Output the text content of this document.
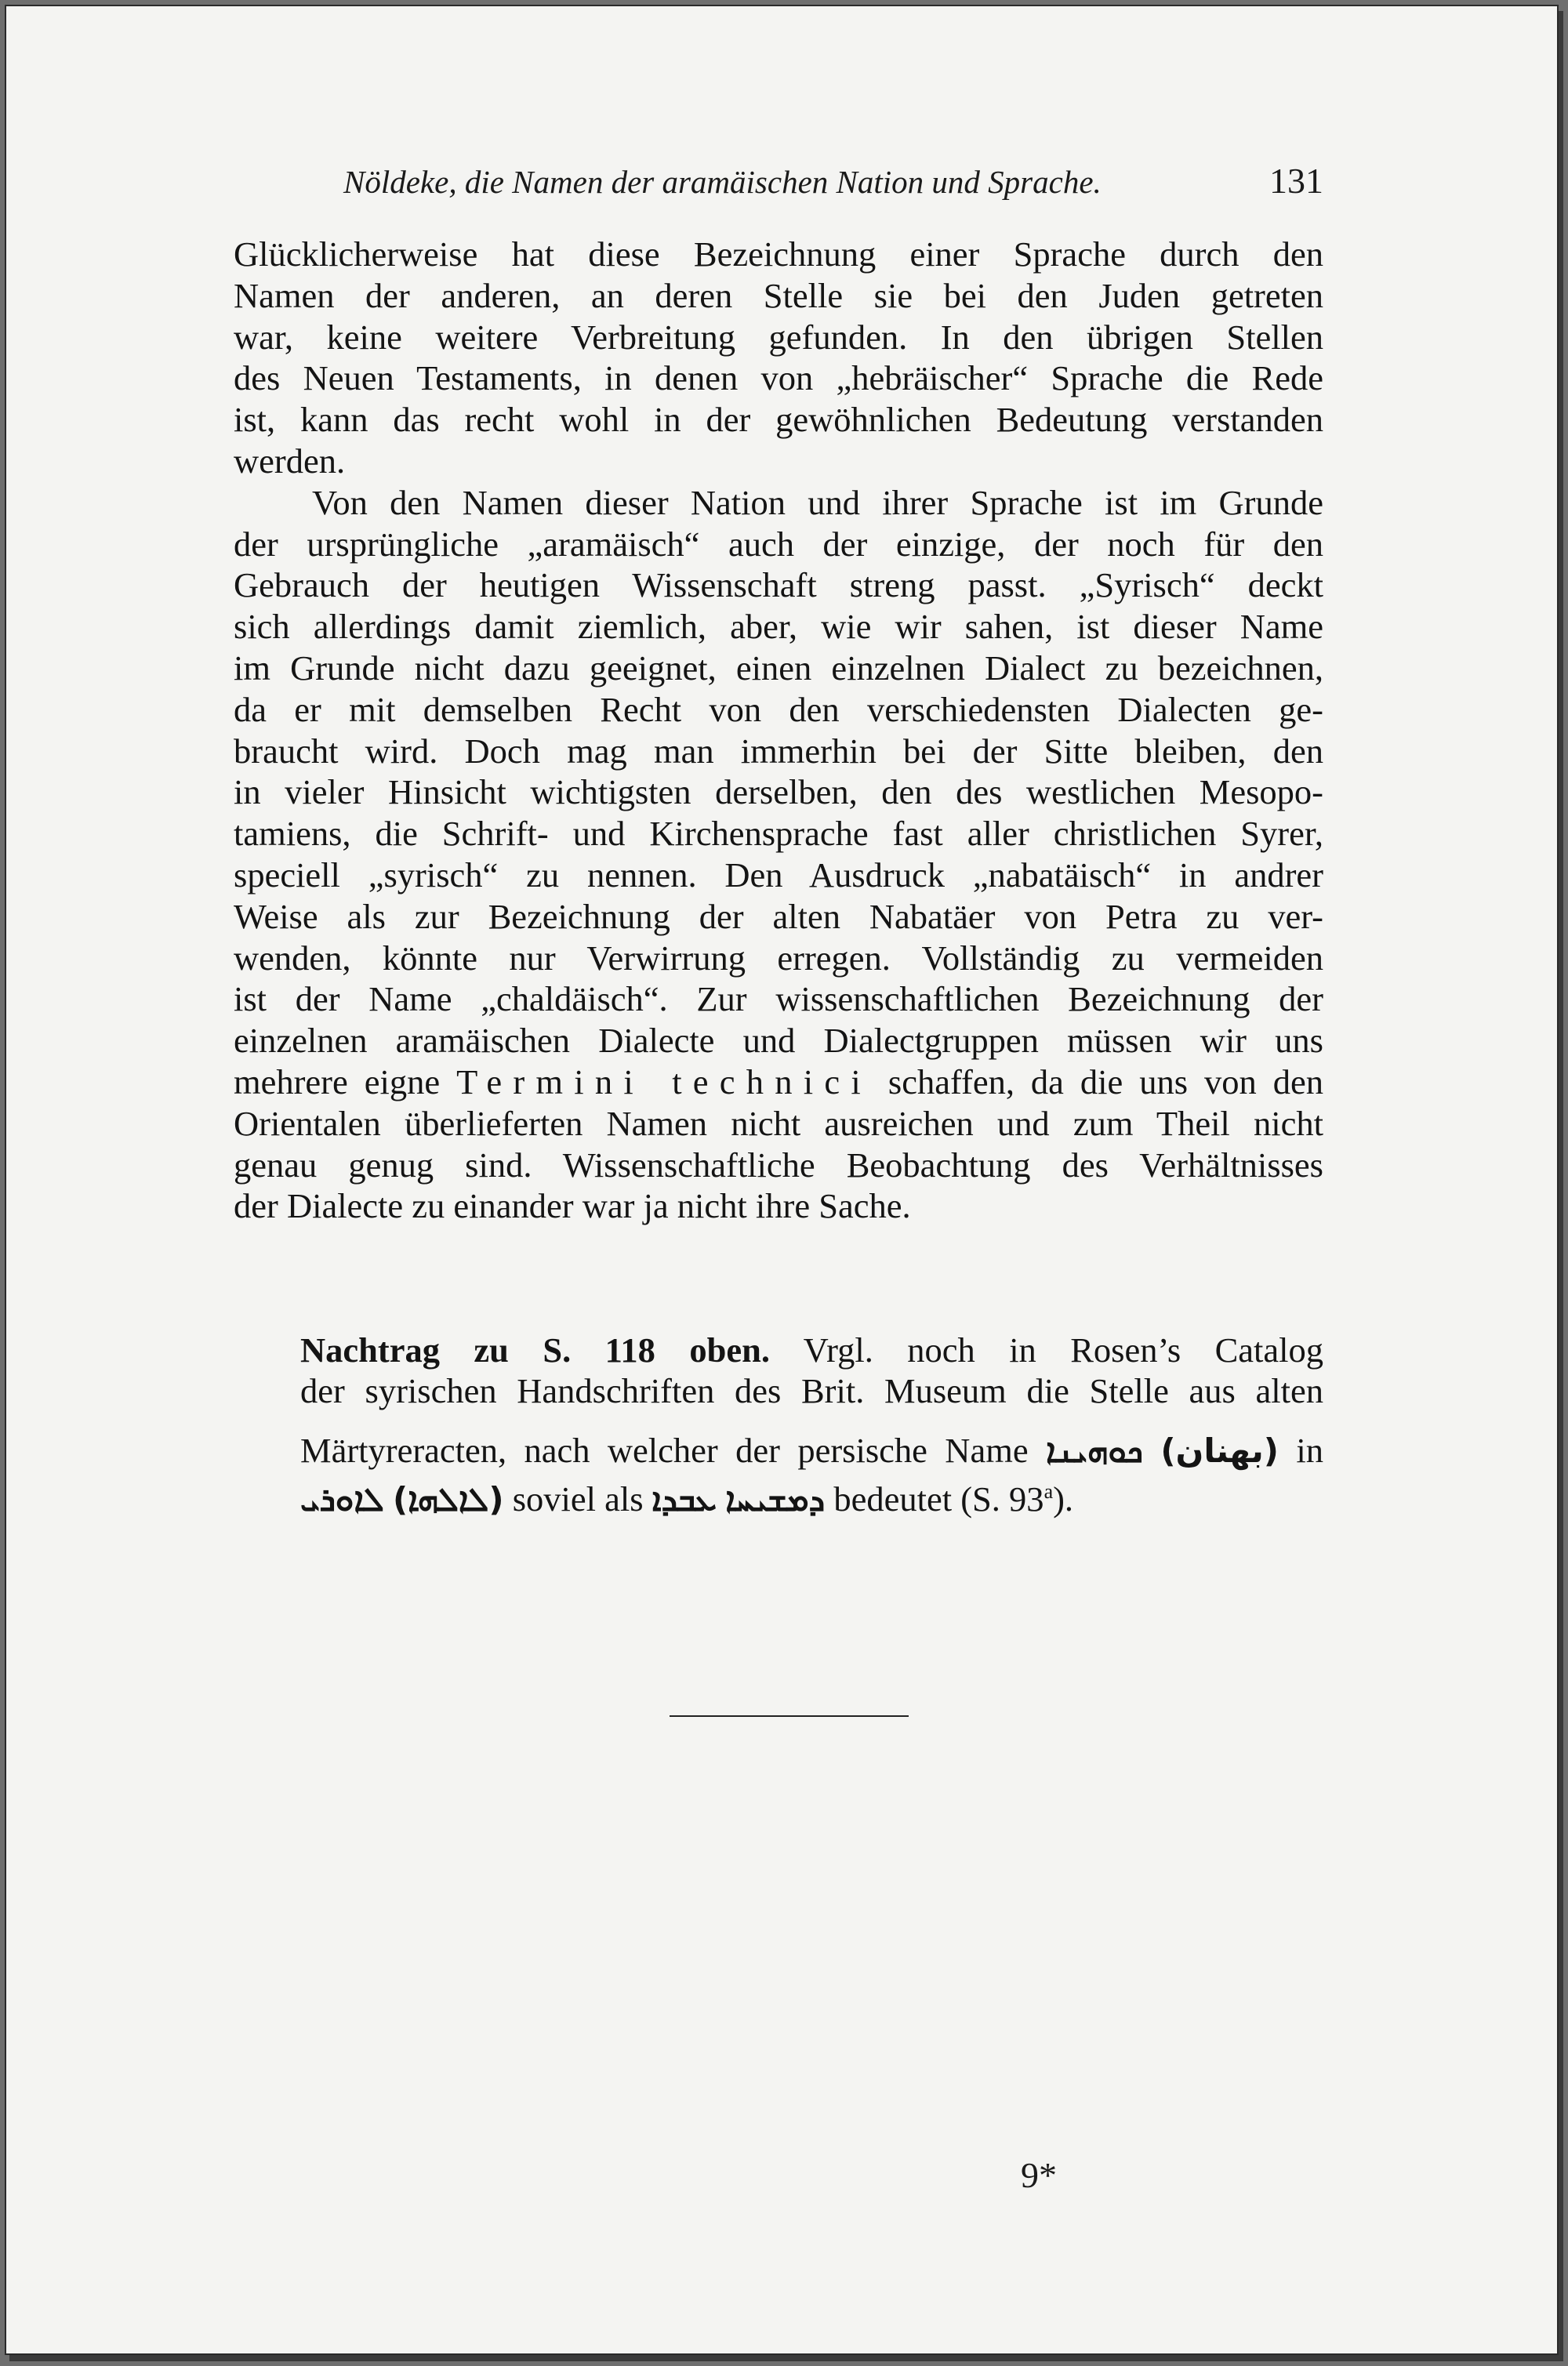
Nöldeke, die Namen der aramäischen Nation und Sprache.	131
Glücklicherweise hat diese Bezeichnung einer Sprache durch den
Namen der anderen, an deren Stelle sie bei den Juden getreten
war, keine weitere Verbreitung gefunden. In den übrigen Stellen
des Neuen Testaments, in denen von „hebräischer“ Sprache die Rede
ist, kann das recht wohl in der gewöhnlichen Bedeutung verstanden
werden.
Von den Namen dieser Nation und ihrer Sprache ist im Grunde
der ursprüngliche „aramäisch“ auch der einzige, der noch für den
Gebrauch der heutigen Wissenschaft streng passt. „Syrisch“ deckt
sich allerdings damit ziemlich, aber, wie wir sahen, ist dieser Name
im Grunde nicht dazu geeignet, einen einzelnen Dialect zu bezeichnen,
da er mit demselben Recht von den verschiedensten Dialecten ge-
braucht wird. Doch mag man immerhin bei der Sitte bleiben, den
in vieler Hinsicht wichtigsten derselben, den des westlichen Mesopo-
tamiens, die Schrift- und Kirchensprache fast aller christlichen Syrer,
speciell „syrisch“ zu nennen. Den Ausdruck „nabatäisch“ in andrer
Weise als zur Bezeichnung der alten Nabatäer von Petra zu ver-
wenden, könnte nur Verwirrung erregen. Vollständig zu vermeiden
ist der Name „chaldäisch“. Zur wissenschaftlichen Bezeichnung der
einzelnen aramäischen Dialecte und Dialectgruppen müssen wir uns
mehrere eigne Termini technici schaffen, da die uns von den
Orientalen überlieferten Namen nicht ausreichen und zum Theil nicht
genau genug sind. Wissenschaftliche Beobachtung des Verhältnisses
der Dialecte zu einander war ja nicht ihre Sache.
Nachtrag zu S. 118 oben. Vrgl. noch in Rosen’s Catalog
der syrischen Handschriften des Brit. Museum die Stelle aus alten
Märtyreracten, nach welcher der persische Name ܟܘܗܝܢܐ (بهنان) in
ܠܐܘܪܝ (ܠܐܠܗܐ) soviel als ܥܒܕܐ ܕܡܫܝܚܐ bedeutet (S. 93$^a$).
9*
